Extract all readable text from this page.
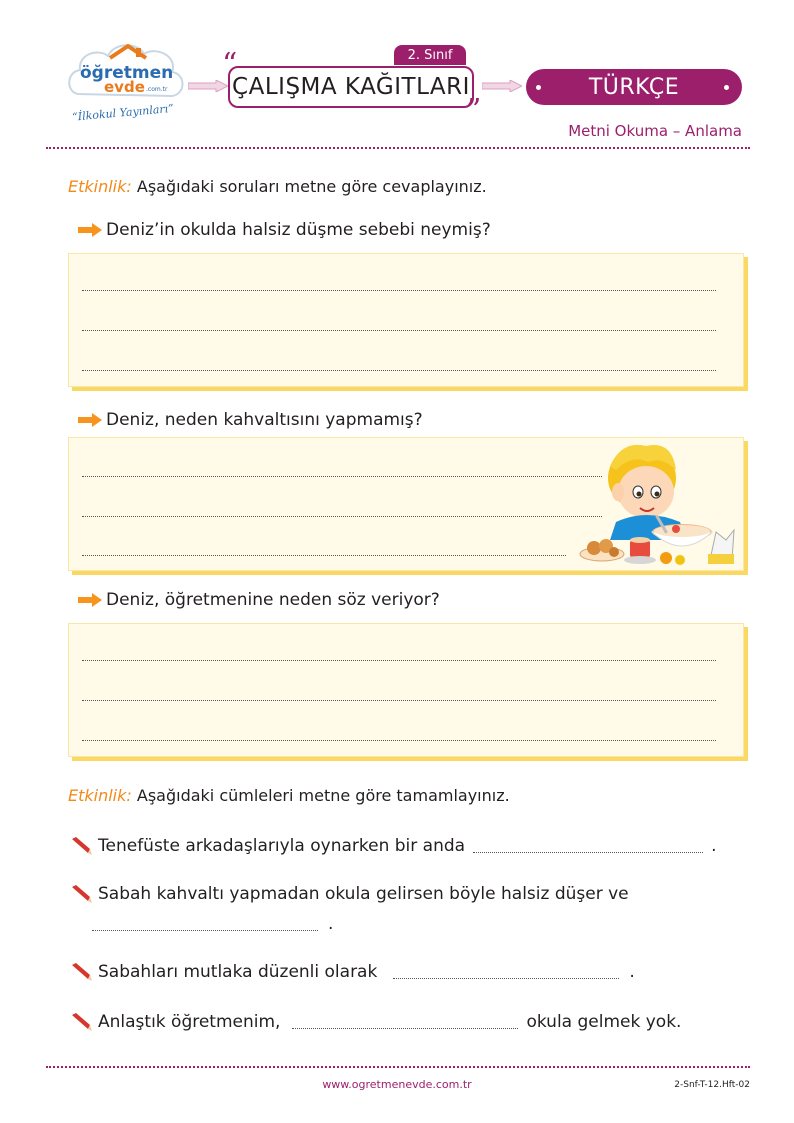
öğretmen
evde .com.tr
“İlkokul Yayınları”
2. Sınıf
“
ÇALIŞMA KAĞITLARI
”
TÜRKÇE
Metni Okuma – Anlama
Etkinlik: Aşağıdaki soruları metne göre cevaplayınız.
Deniz’in okulda halsiz düşme sebebi neymiş?
Deniz, neden kahvaltısını yapmamış?
Deniz, öğretmenine neden söz veriyor?
Etkinlik: Aşağıdaki cümleleri metne göre tamamlayınız.
Tenefüste arkadaşlarıyla oynarken bir anda	.
Sabah kahvaltı yapmadan okula gelirsen böyle halsiz düşer ve
.
Sabahları mutlaka düzenli olarak	.
Anlaştık öğretmenim,	okula gelmek yok.
www.ogretmenevde.com.tr	2-Snf-T-12.Hft-02
